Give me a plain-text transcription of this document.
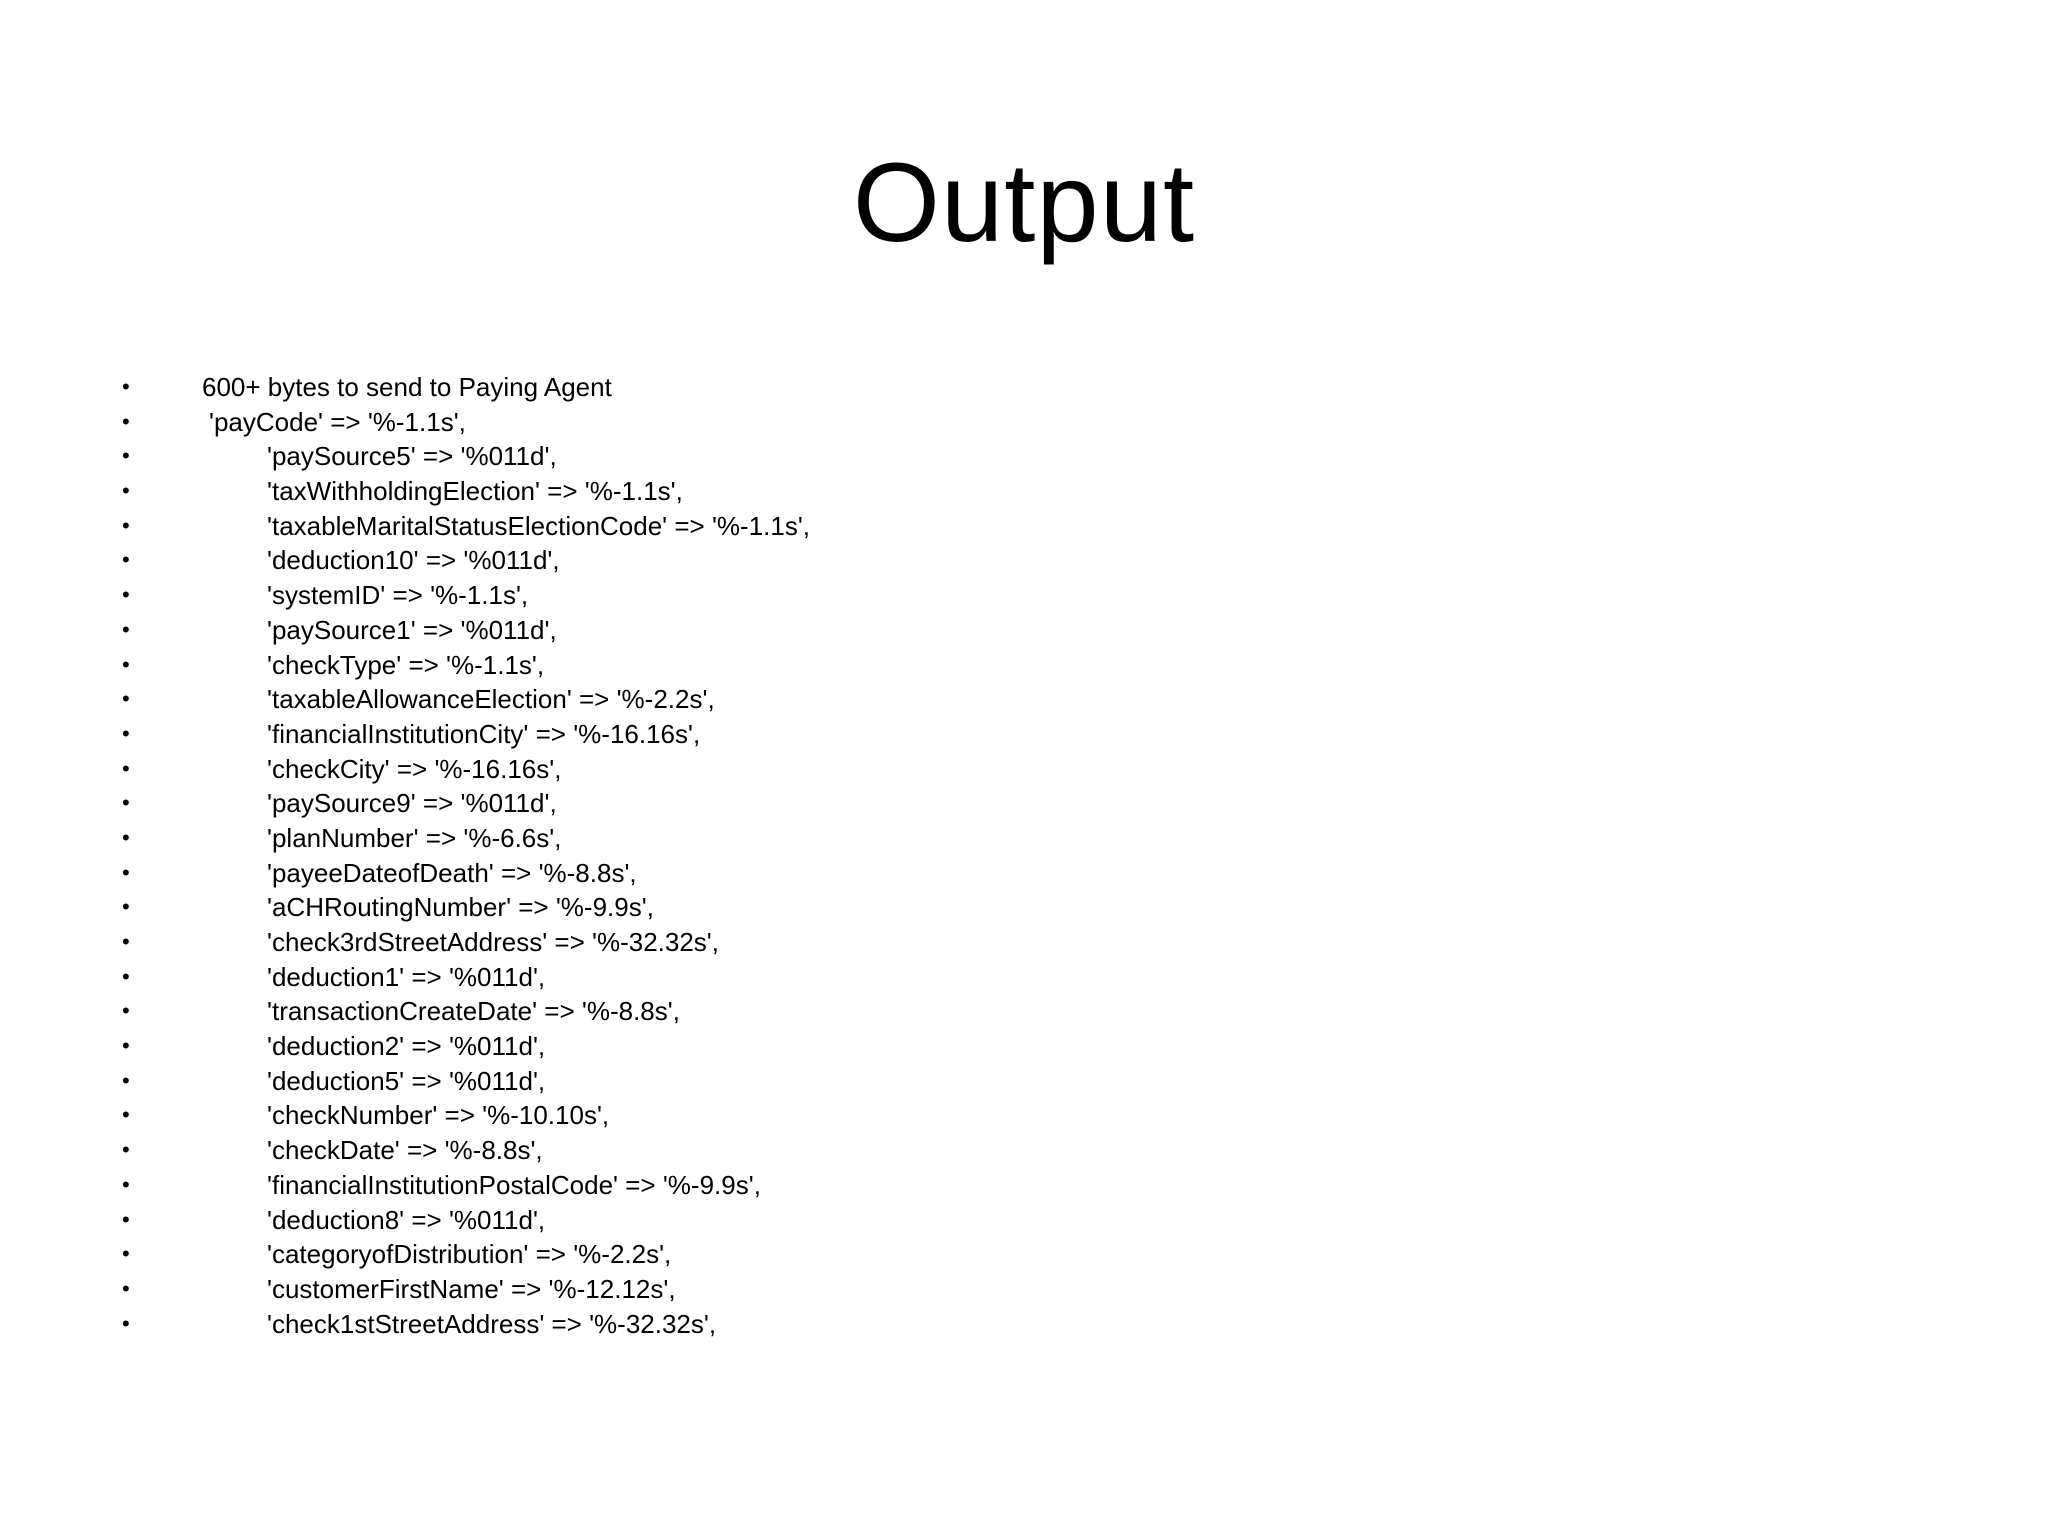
Output
•	600+ bytes to send to Paying Agent
•	'payCode' => '%-1.1s',
•	'paySource5' => '%011d',
•	'taxWithholdingElection' => '%-1.1s',
•	'taxableMaritalStatusElectionCode' => '%-1.1s',
•	'deduction10' => '%011d',
•	'systemID' => '%-1.1s',
•	'paySource1' => '%011d',
•	'checkType' => '%-1.1s',
•	'taxableAllowanceElection' => '%-2.2s',
•	'financialInstitutionCity' => '%-16.16s',
•	'checkCity' => '%-16.16s',
•	'paySource9' => '%011d',
•	'planNumber' => '%-6.6s',
•	'payeeDateofDeath' => '%-8.8s',
•	'aCHRoutingNumber' => '%-9.9s',
•	'check3rdStreetAddress' => '%-32.32s',
•	'deduction1' => '%011d',
•	'transactionCreateDate' => '%-8.8s',
•	'deduction2' => '%011d',
•	'deduction5' => '%011d',
•	'checkNumber' => '%-10.10s',
•	'checkDate' => '%-8.8s',
•	'financialInstitutionPostalCode' => '%-9.9s',
•	'deduction8' => '%011d',
•	'categoryofDistribution' => '%-2.2s',
•	'customerFirstName' => '%-12.12s',
•	'check1stStreetAddress' => '%-32.32s',
